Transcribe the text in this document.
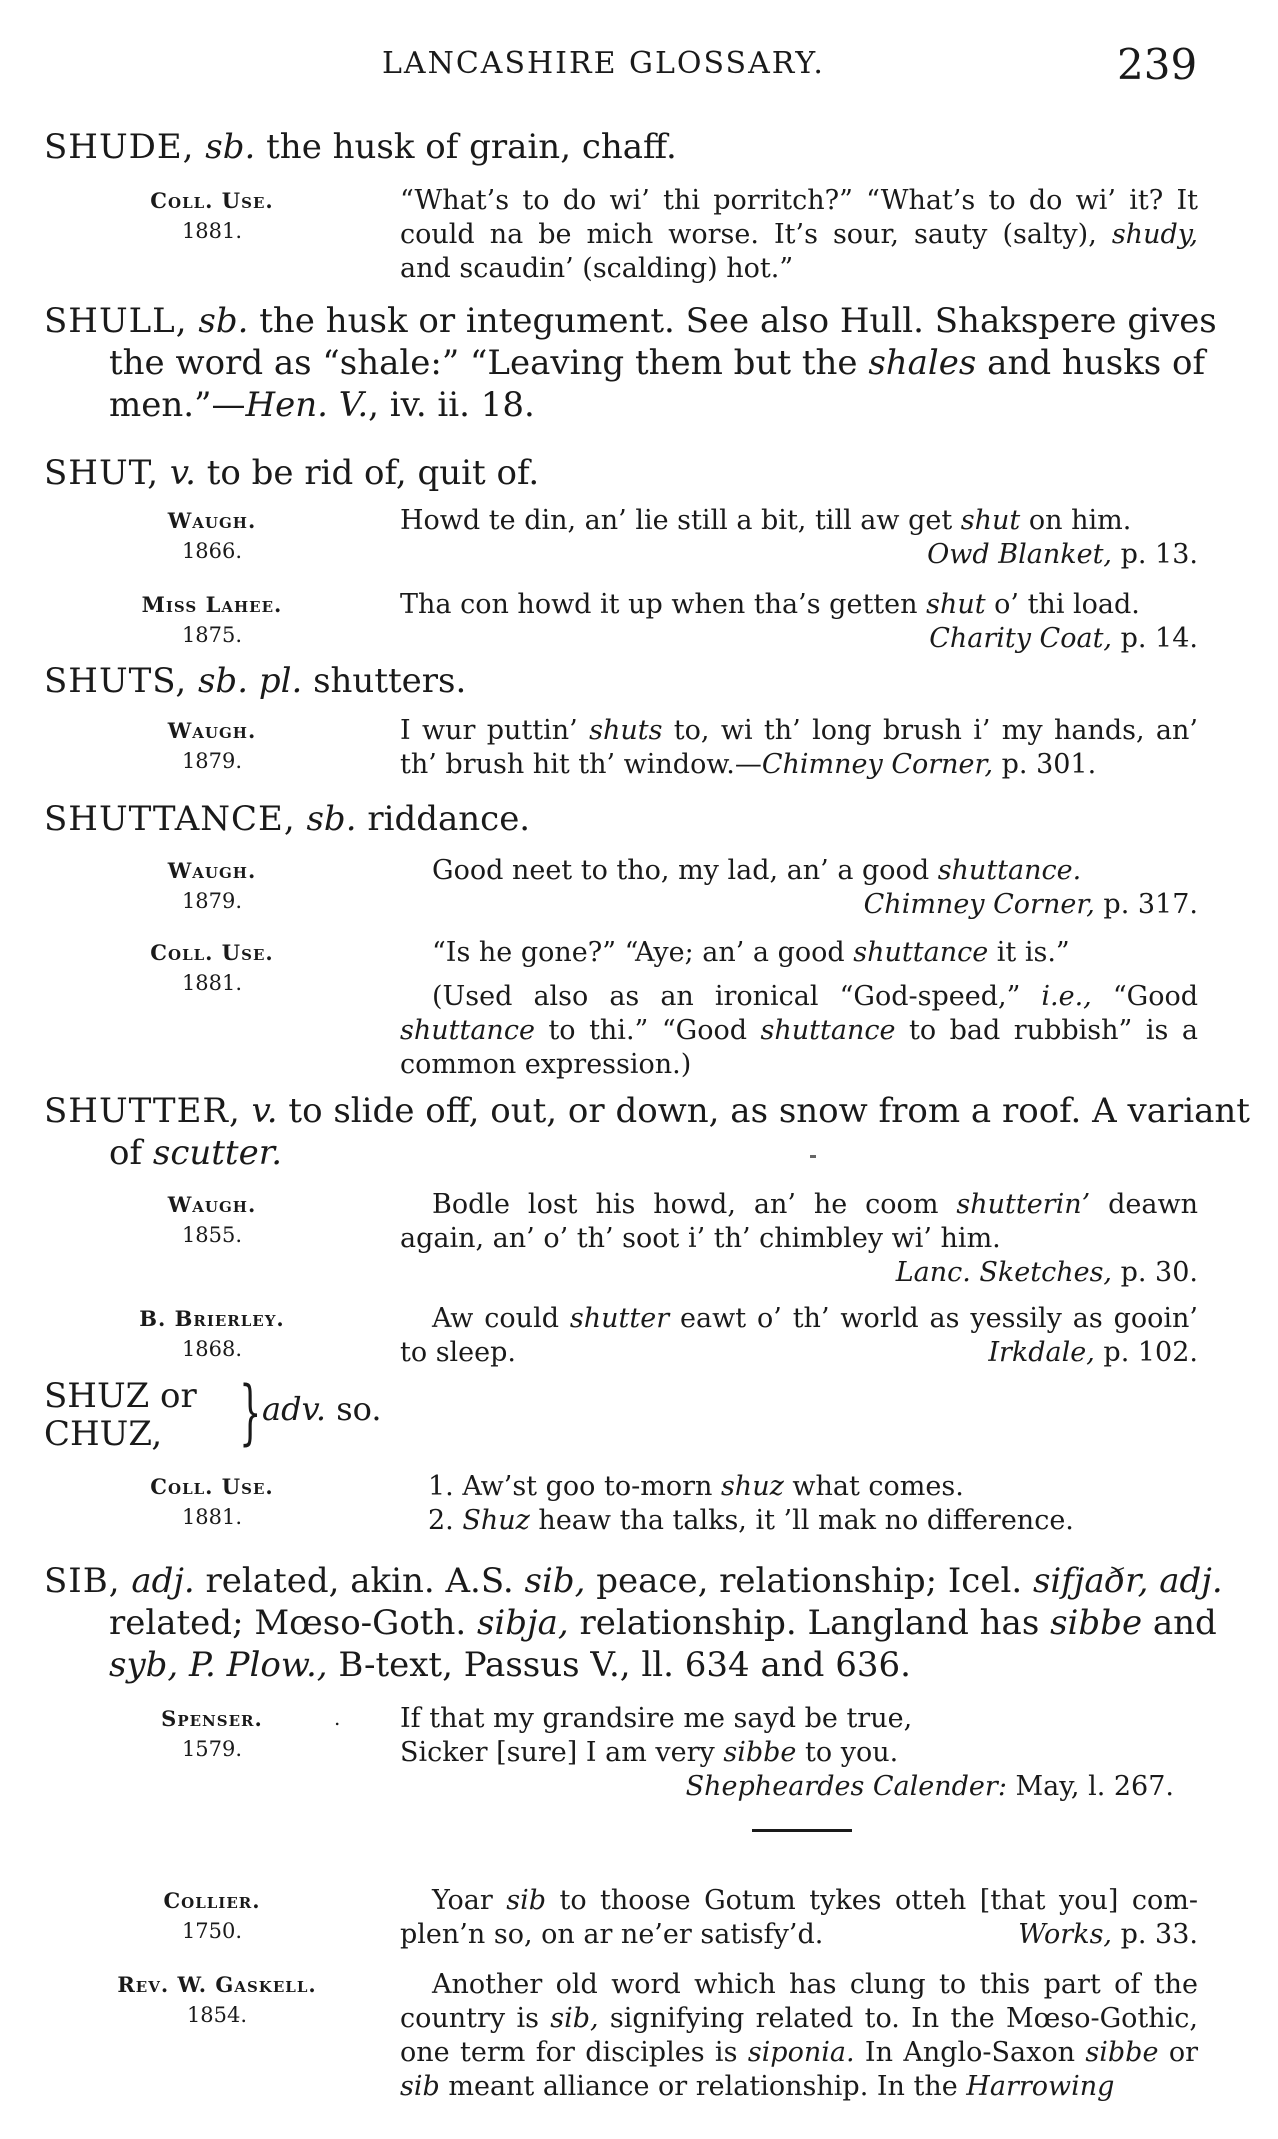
LANCASHIRE GLOSSARY.	239
SHUDE, sb. the husk of grain, chaff.
Coll. Use.
1881.
“What’s to do wi’ thi porritch?” “What’s to do wi’ it? It could na be mich worse. It’s sour, sauty (salty), shudy, and scaudin’ (scalding) hot.”
SHULL, sb. the husk or integument. See also Hull. Shakspere gives the word as “shale:” “Leaving them but the shales and husks of men.”—Hen. V., iv. ii. 18.
SHUT, v. to be rid of, quit of.
Waugh.
1866.
Howd te din, an’ lie still a bit, till aw get shut on him.
Owd Blanket, p. 13.
Miss Lahee.
1875.
Tha con howd it up when tha’s getten shut o’ thi load.
Charity Coat, p. 14.
SHUTS, sb. pl. shutters.
Waugh.
1879.
I wur puttin’ shuts to, wi th’ long brush i’ my hands, an’ th’ brush hit th’ window.—Chimney Corner, p. 301.
SHUTTANCE, sb. riddance.
Waugh.
1879.
Good neet to tho, my lad, an’ a good shuttance.
Chimney Corner, p. 317.
Coll. Use.
1881.
“Is he gone?” “Aye; an’ a good shuttance it is.”
(Used also as an ironical “God-speed,” i.e., “Good shuttance to thi.” “Good shuttance to bad rubbish” is a common expression.)
SHUTTER, v. to slide off, out, or down, as snow from a roof. A variant of scutter.
Waugh.
1855.
Bodle lost his howd, an’ he coom shutterin’ deawn again, an’ o’ th’ soot i’ th’ chimbley wi’ him.
Lanc. Sketches, p. 30.
B. Brierley.
1868.
Aw could shutter eawt o’ th’ world as yessily as gooin’ to sleep.	Irkdale, p. 102.
SHUZ or
CHUZ, } adv. so.
Coll. Use.
1881.
1. Aw’st goo to-morn shuz what comes.
2. Shuz heaw tha talks, it ’ll mak no difference.
SIB, adj. related, akin. A.S. sib, peace, relationship; Icel. sifjaðr, adj. related; Mœso-Goth. sibja, relationship. Langland has sibbe and syb, P. Plow., B-text, Passus V., ll. 634 and 636.
Spenser.
1579.
. If that my grandsire me sayd be true,
Sicker [sure] I am very sibbe to you.
Shepheardes Calender: May, l. 267.
Collier.
1750.
Yoar sib to thoose Gotum tykes otteh [that you] com-plen’n so, on ar ne’er satisfy’d.	Works, p. 33.
Rev. W. Gaskell.
1854.
Another old word which has clung to this part of the country is sib, signifying related to. In the Mœso-Gothic, one term for disciples is siponia. In Anglo-Saxon sibbe or sib meant alliance or relationship. In the Harrowing
